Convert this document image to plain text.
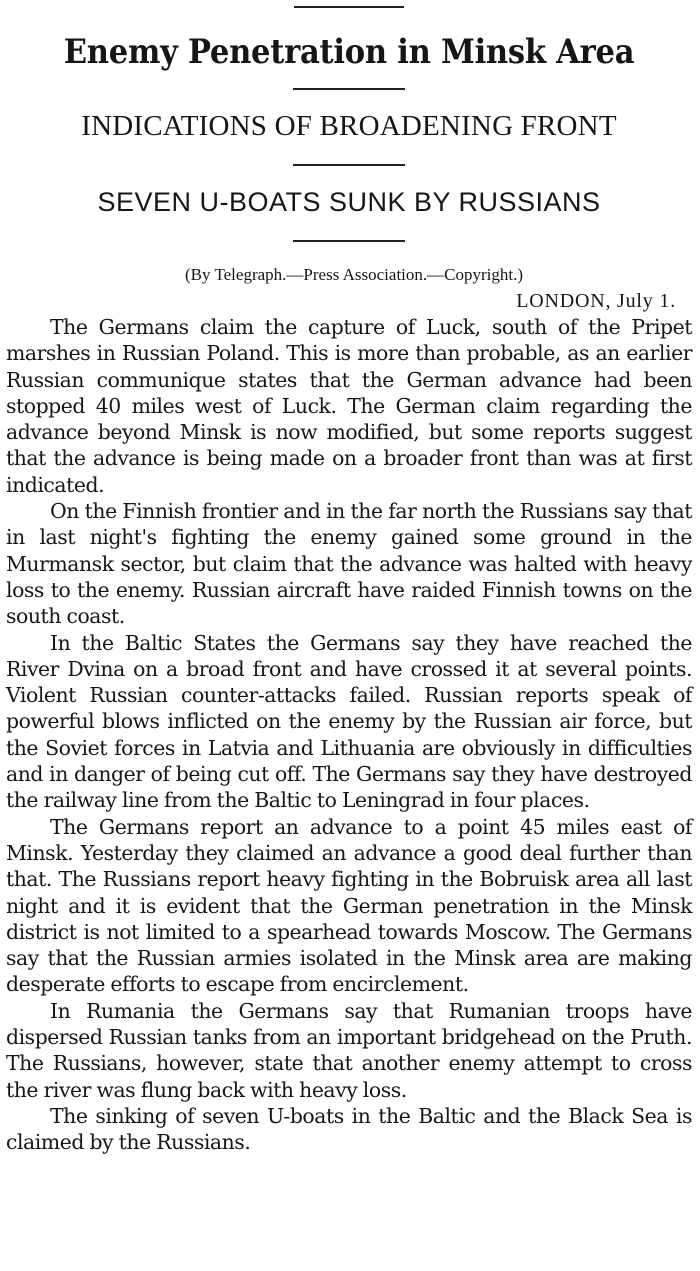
Enemy Penetration in Minsk Area
INDICATIONS OF BROADENING FRONT
SEVEN U-BOATS SUNK BY RUSSIANS

(By Telegraph.—Press Association.—Copyright.)

LONDON, July 1.

The Germans claim the capture of Luck, south of the Pripet marshes in Russian Poland. This is more than probable, as an earlier Russian communique states that the German advance had been stopped 40 miles west of Luck. The German claim regarding the advance beyond Minsk is now modified, but some reports suggest that the advance is being made on a broader front than was at first indicated.

On the Finnish frontier and in the far north the Russians say that in last night's fighting the enemy gained some ground in the Murmansk sector, but claim that the advance was halted with heavy loss to the enemy. Russian aircraft have raided Finnish towns on the south coast.

In the Baltic States the Germans say they have reached the River Dvina on a broad front and have crossed it at several points. Violent Russian counter-attacks failed. Russian reports speak of powerful blows inflicted on the enemy by the Russian air force, but the Soviet forces in Latvia and Lithuania are obviously in difficulties and in danger of being cut off. The Germans say they have destroyed the railway line from the Baltic to Leningrad in four places.

The Germans report an advance to a point 45 miles east of Minsk. Yesterday they claimed an advance a good deal further than that. The Russians report heavy fighting in the Bobruisk area all last night and it is evident that the German penetration in the Minsk district is not limited to a spearhead towards Moscow. The Germans say that the Russian armies isolated in the Minsk area are making desperate efforts to escape from encirclement.

In Rumania the Germans say that Rumanian troops have dispersed Russian tanks from an important bridgehead on the Pruth. The Russians, however, state that another enemy attempt to cross the river was flung back with heavy loss.

The sinking of seven U-boats in the Baltic and the Black Sea is claimed by the Russians.
